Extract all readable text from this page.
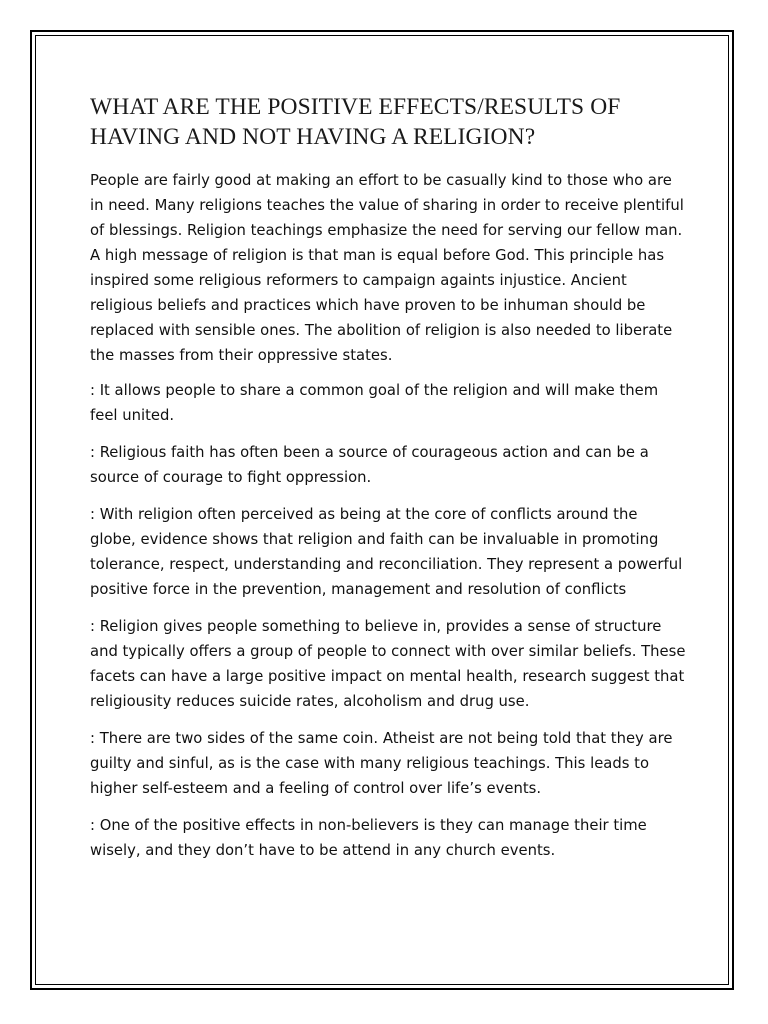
WHAT ARE THE POSITIVE EFFECTS/RESULTS OF HAVING AND NOT HAVING A RELIGION?

People are fairly good at making an effort to be casually kind to those who are in need. Many religions teaches the value of sharing in order to receive plentiful of blessings. Religion teachings emphasize the need for serving our fellow man. A high message of religion is that man is equal before God. This principle has inspired some religious reformers to campaign againts injustice. Ancient religious beliefs and practices which have proven to be inhuman should be replaced with sensible ones. The abolition of religion is also needed to liberate the masses from their oppressive states.

: It allows people to share a common goal of the religion and will make them feel united.

: Religious faith has often been a source of courageous action and can be a source of courage to fight oppression.

: With religion often perceived as being at the core of conflicts around the globe, evidence shows that religion and faith can be invaluable in promoting tolerance, respect, understanding and reconciliation. They represent a powerful positive force in the prevention, management and resolution of conflicts

: Religion gives people something to believe in, provides a sense of structure and typically offers a group of people to connect with over similar beliefs. These facets can have a large positive impact on mental health, research suggest that religiousity reduces suicide rates, alcoholism and drug use.

: There are two sides of the same coin. Atheist are not being told that they are guilty and sinful, as is the case with many religious teachings. This leads to higher self-esteem and a feeling of control over life’s events.

: One of the positive effects in non-believers is they can manage their time wisely, and they don’t have to be attend in any church events.
